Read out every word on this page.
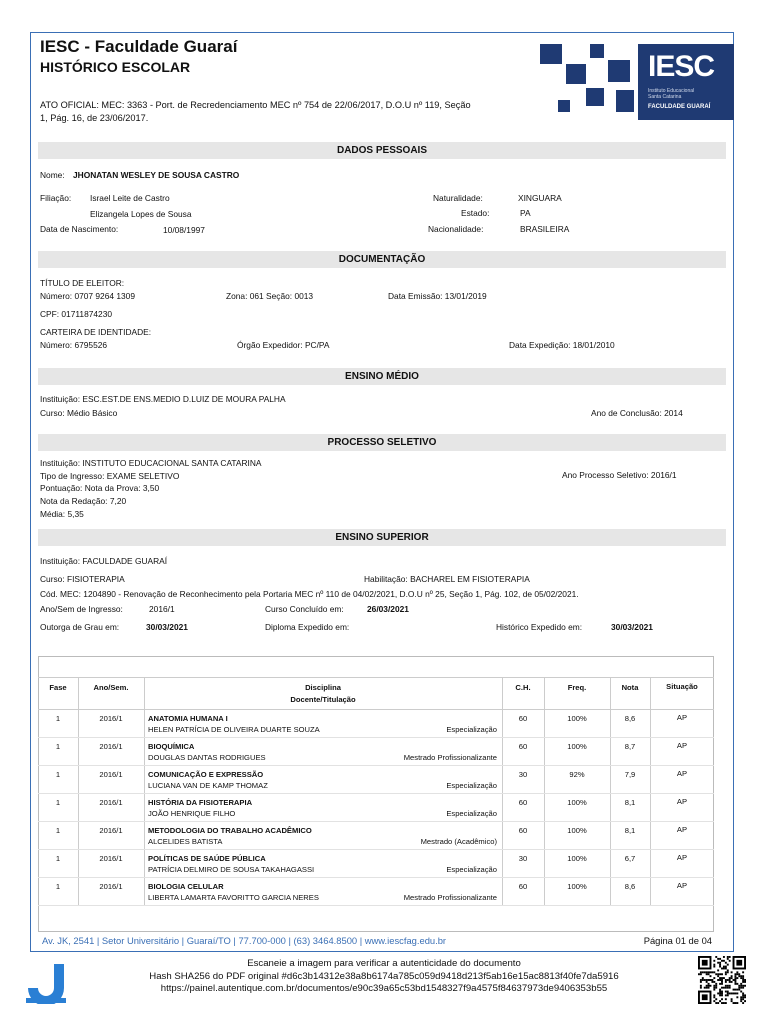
IESC - Faculdade Guaraí
HISTÓRICO ESCOLAR
ATO OFICIAL: MEC: 3363 - Port. de Recredenciamento MEC nº 754 de 22/06/2017, D.O.U nº 119, Seção
1, Pág. 16, de 23/06/2017.
IESC
Instituto Educacional
Santa Catarina
FACULDADE GUARAÍ
DADOS PESSOAIS
Nome: JHONATAN WESLEY DE SOUSA CASTRO
Filiação: Israel Leite de Castro
Elizangela Lopes de Sousa
Data de Nascimento:	10/08/1997
Naturalidade:	XINGUARA
Estado:	PA
Nacionalidade:	BRASILEIRA
DOCUMENTAÇÃO
TÍTULO DE ELEITOR:
Número: 0707 9264 1309	Zona: 061 Seção: 0013	Data Emissão: 13/01/2019
CPF: 01711874230
CARTEIRA DE IDENTIDADE:
Número: 6795526	Órgão Expedidor: PC/PA	Data Expedição: 18/01/2010
ENSINO MÉDIO
Instituição: ESC.EST.DE ENS.MEDIO D.LUIZ DE MOURA PALHA
Curso: Médio Básico	Ano de Conclusão: 2014
PROCESSO SELETIVO
Instituição: INSTITUTO EDUCACIONAL SANTA CATARINA
Tipo de Ingresso: EXAME SELETIVO	Ano Processo Seletivo: 2016/1
Pontuação: Nota da Prova: 3,50
Nota da Redação: 7,20
Média: 5,35
ENSINO SUPERIOR
Instituição: FACULDADE GUARAÍ
Curso: FISIOTERAPIA	Habilitação: BACHAREL EM FISIOTERAPIA
Cód. MEC: 1204890 - Renovação de Reconhecimento pela Portaria MEC nº 110 de 04/02/2021, D.O.U nº 25, Seção 1, Pág. 102, de 05/02/2021.
Ano/Sem de Ingresso:	2016/1	Curso Concluído em:	26/03/2021
Outorga de Grau em:	30/03/2021	Diploma Expedido em:	Histórico Expedido em:	30/03/2021
Fase	Ano/Sem.	Disciplina
Docente/Titulação
C.H.	Freq.	Nota	Situação
1	2016/1	ANATOMIA HUMANA I
HELEN PATRÍCIA DE OLIVEIRA DUARTE SOUZA	Especialização
60	100%	8,6	AP
1	2016/1	BIOQUÍMICA
DOUGLAS DANTAS RODRIGUES	Mestrado Profissionalizante
60	100%	8,7	AP
1	2016/1	COMUNICAÇÃO E EXPRESSÃO
LUCIANA VAN DE KAMP THOMAZ	Especialização
30	92%	7,9	AP
1	2016/1	HISTÓRIA DA FISIOTERAPIA
JOÃO HENRIQUE FILHO	Especialização
60	100%	8,1	AP
1	2016/1	METODOLOGIA DO TRABALHO ACADÊMICO
ALCELIDES BATISTA	Mestrado (Acadêmico)
60	100%	8,1	AP
1	2016/1	POLÍTICAS DE SAÚDE PÚBLICA
PATRÍCIA DELMIRO DE SOUSA TAKAHAGASSI	Especialização
30	100%	6,7	AP
1	2016/1	BIOLOGIA CELULAR
LIBERTA LAMARTA FAVORITTO GARCIA NERES	Mestrado Profissionalizante
60	100%	8,6	AP
Av. JK, 2541 | Setor Universitário | Guaraí/TO | 77.700-000 | (63) 3464.8500 | www.iescfag.edu.br	Página 01 de 04
Escaneie a imagem para verificar a autenticidade do documento
Hash SHA256 do PDF original #d6c3b14312e38a8b6174a785c059d9418d213f5ab16e15ac8813f40fe7da5916
https://painel.autentique.com.br/documentos/e90c39a65c53bd1548327f9a4575f84637973de9406353b55
